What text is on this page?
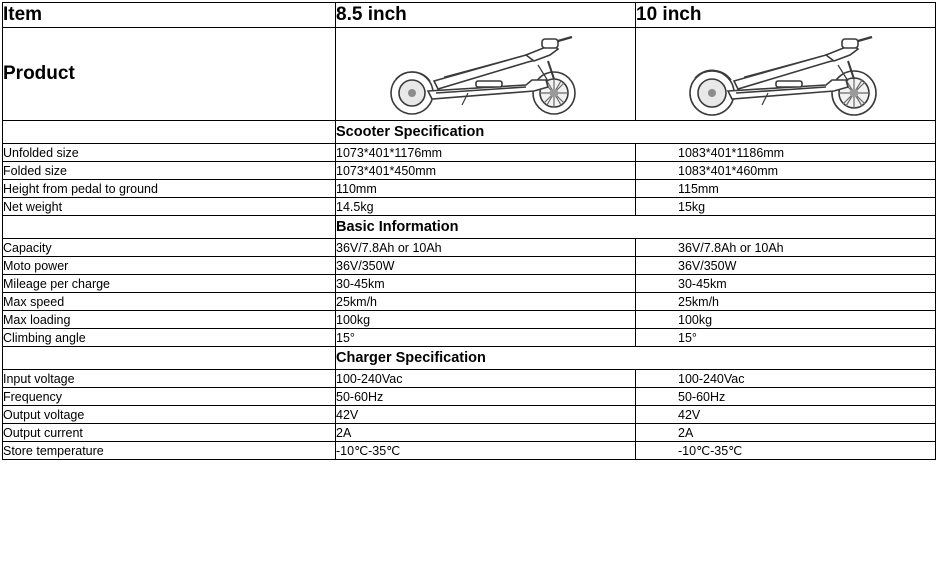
Item	8.5 inch	10 inch
Product	

	Scooter Specification	
Unfolded size	1073*401*1176mm	1083*401*1186mm
Folded size	1073*401*450mm	1083*401*460mm
Height from pedal to ground	110mm	115mm
Net weight	14.5kg	15kg
	Basic Information	
Capacity	36V/7.8Ah or 10Ah	36V/7.8Ah or 10Ah
Moto power	36V/350W	36V/350W
Mileage per charge	30-45km	30-45km
Max speed	25km/h	25km/h
Max loading	100kg	100kg
Climbing angle	15°	15°
	Charger Specification	
Input voltage	100-240Vac	100-240Vac
Frequency	50-60Hz	50-60Hz
Output voltage	42V	42V
Output current	2A	2A
Store temperature	-10℃-35℃	-10℃-35℃
